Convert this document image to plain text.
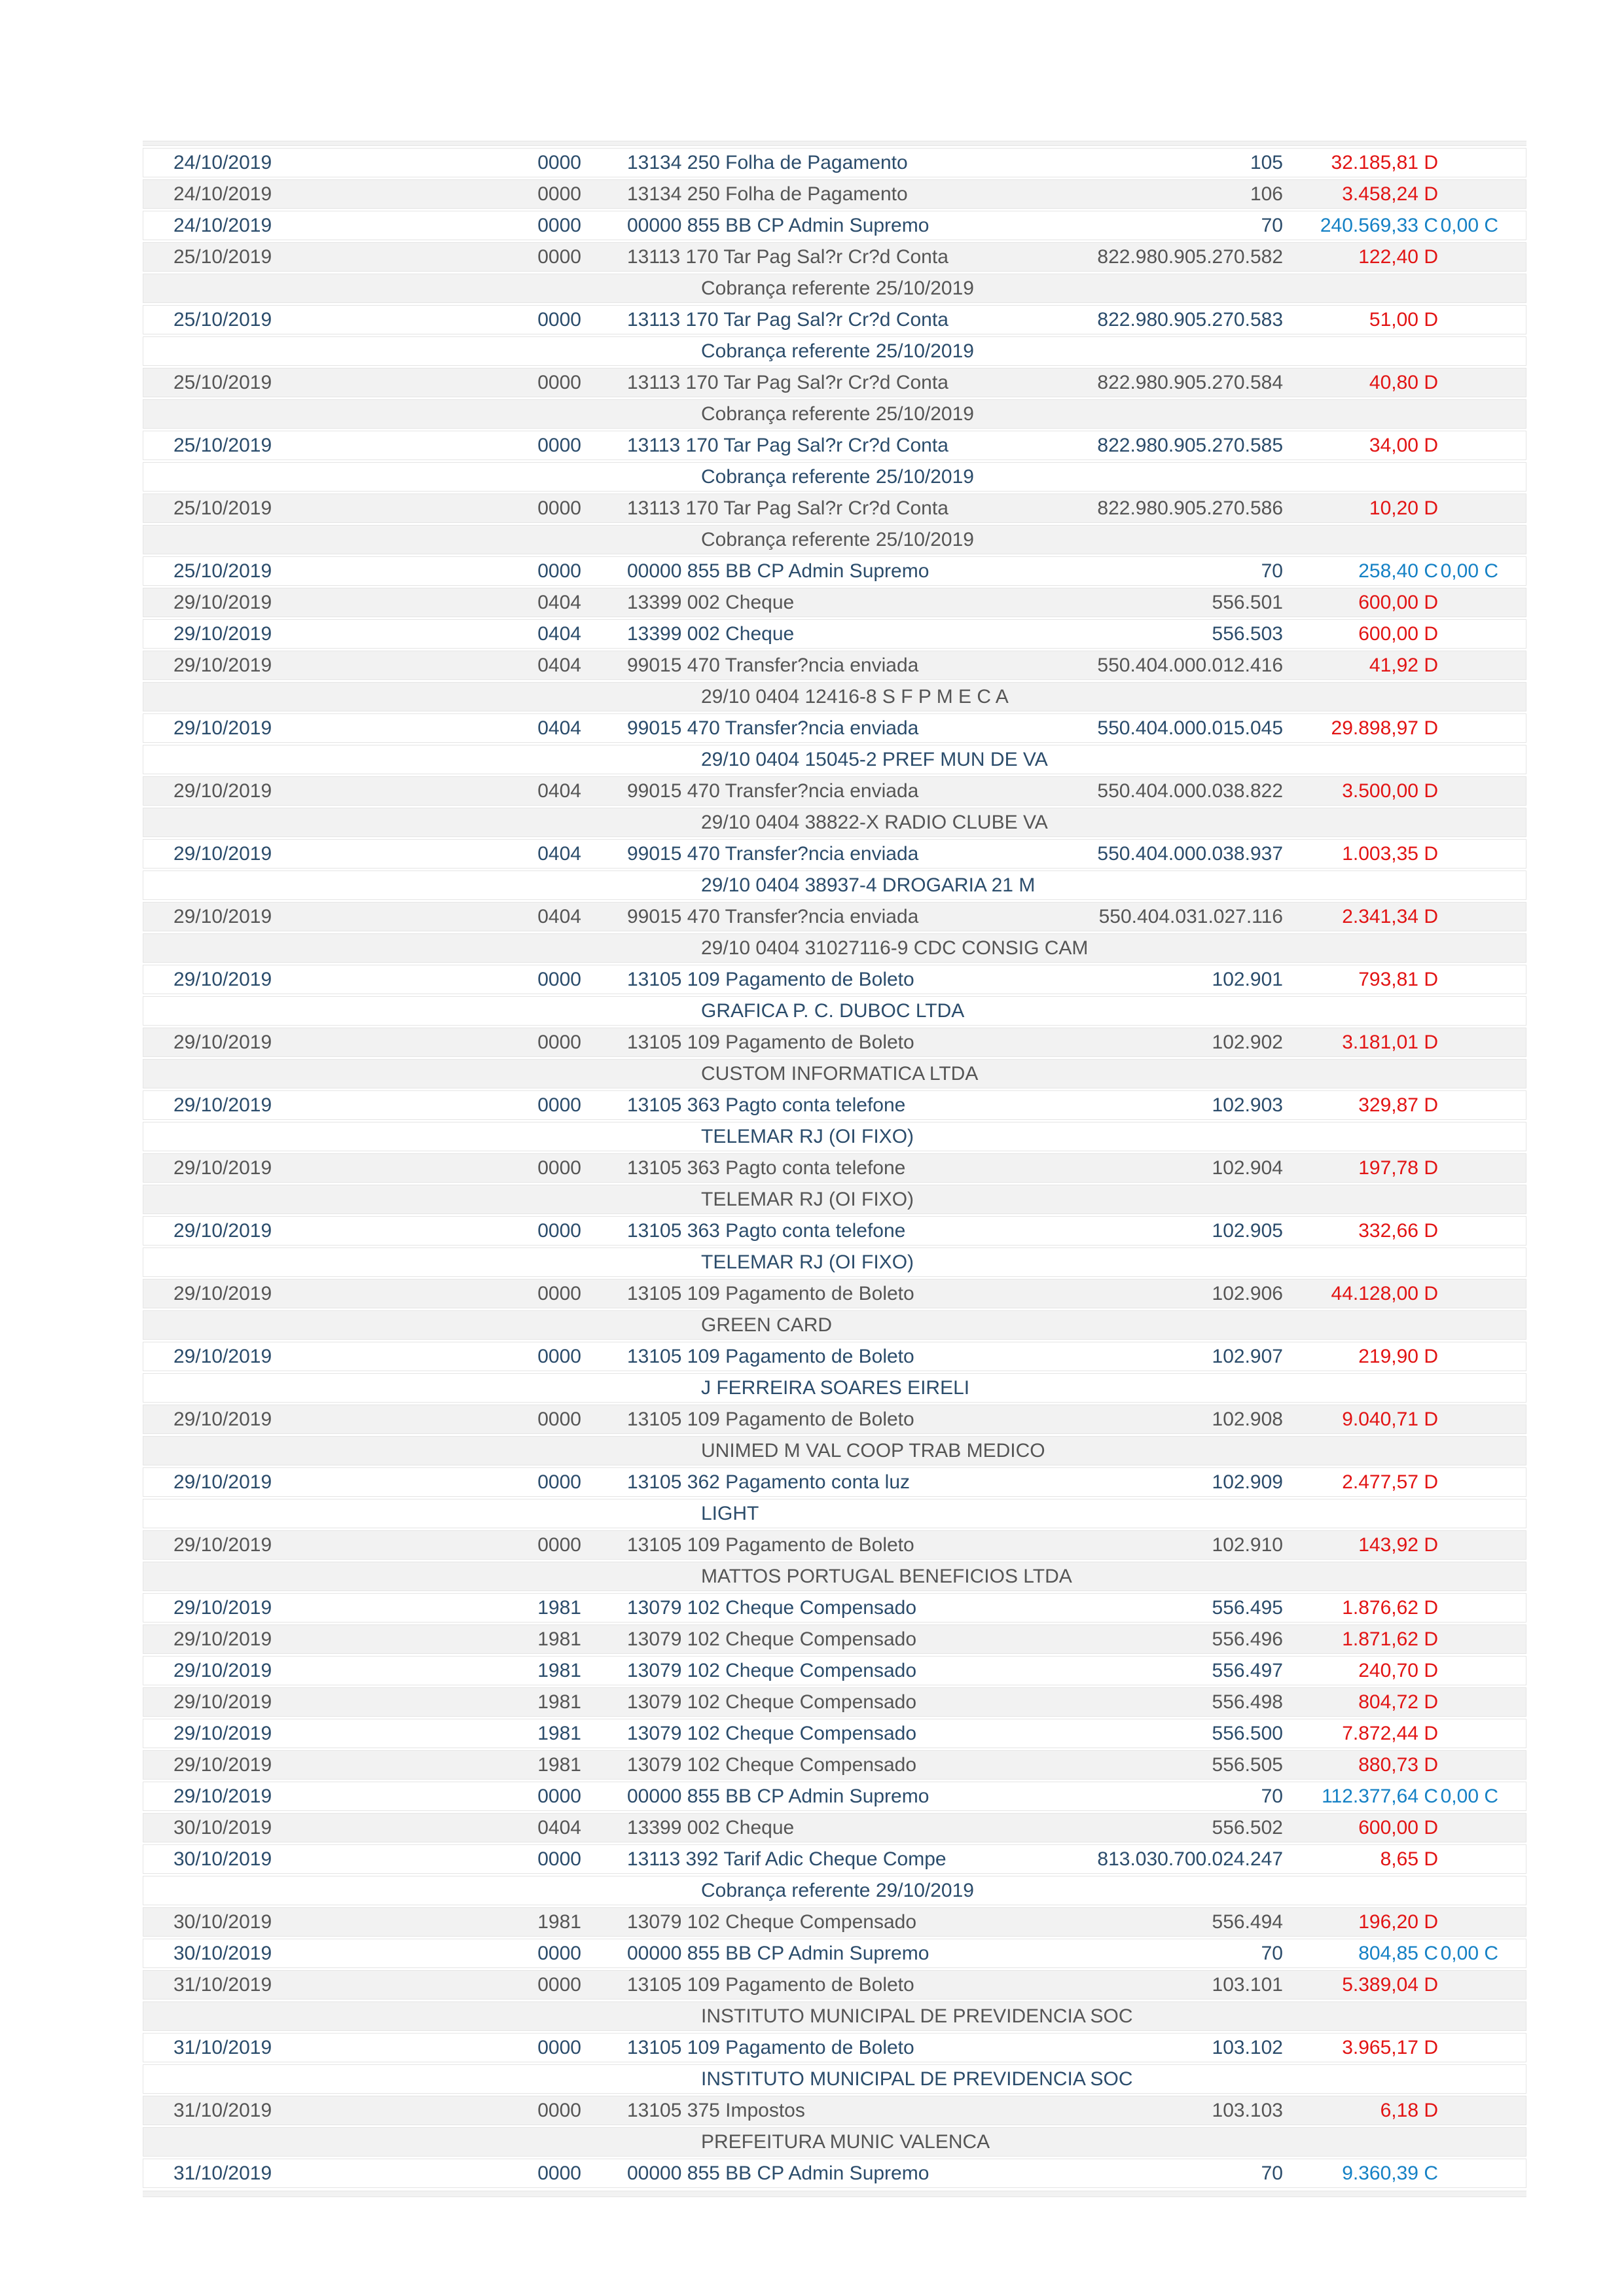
24/10/2019	0000	13134 250 Folha de Pagamento	105	32.185,81 D	
24/10/2019	0000	13134 250 Folha de Pagamento	106	3.458,24 D	
24/10/2019	0000	00000 855 BB CP Admin Supremo	70	240.569,33 C	0,00 C
25/10/2019	0000	13113 170 Tar Pag Sal?r Cr?d Conta	822.980.905.270.582	122,40 D	
Cobrança referente 25/10/2019					
25/10/2019	0000	13113 170 Tar Pag Sal?r Cr?d Conta	822.980.905.270.583	51,00 D	
Cobrança referente 25/10/2019					
25/10/2019	0000	13113 170 Tar Pag Sal?r Cr?d Conta	822.980.905.270.584	40,80 D	
Cobrança referente 25/10/2019					
25/10/2019	0000	13113 170 Tar Pag Sal?r Cr?d Conta	822.980.905.270.585	34,00 D	
Cobrança referente 25/10/2019					
25/10/2019	0000	13113 170 Tar Pag Sal?r Cr?d Conta	822.980.905.270.586	10,20 D	
Cobrança referente 25/10/2019					
25/10/2019	0000	00000 855 BB CP Admin Supremo	70	258,40 C	0,00 C
29/10/2019	0404	13399 002 Cheque	556.501	600,00 D	
29/10/2019	0404	13399 002 Cheque	556.503	600,00 D	
29/10/2019	0404	99015 470 Transfer?ncia enviada	550.404.000.012.416	41,92 D	
29/10 0404 12416-8 S F P M E C A					
29/10/2019	0404	99015 470 Transfer?ncia enviada	550.404.000.015.045	29.898,97 D	
29/10 0404 15045-2 PREF MUN DE VA					
29/10/2019	0404	99015 470 Transfer?ncia enviada	550.404.000.038.822	3.500,00 D	
29/10 0404 38822-X RADIO CLUBE VA					
29/10/2019	0404	99015 470 Transfer?ncia enviada	550.404.000.038.937	1.003,35 D	
29/10 0404 38937-4 DROGARIA 21 M					
29/10/2019	0404	99015 470 Transfer?ncia enviada	550.404.031.027.116	2.341,34 D	
29/10 0404 31027116-9 CDC CONSIG CAM					
29/10/2019	0000	13105 109 Pagamento de Boleto	102.901	793,81 D	
GRAFICA P. C. DUBOC LTDA					
29/10/2019	0000	13105 109 Pagamento de Boleto	102.902	3.181,01 D	
CUSTOM INFORMATICA LTDA					
29/10/2019	0000	13105 363 Pagto conta telefone	102.903	329,87 D	
TELEMAR RJ (OI FIXO)					
29/10/2019	0000	13105 363 Pagto conta telefone	102.904	197,78 D	
TELEMAR RJ (OI FIXO)					
29/10/2019	0000	13105 363 Pagto conta telefone	102.905	332,66 D	
TELEMAR RJ (OI FIXO)					
29/10/2019	0000	13105 109 Pagamento de Boleto	102.906	44.128,00 D	
GREEN CARD					
29/10/2019	0000	13105 109 Pagamento de Boleto	102.907	219,90 D	
J FERREIRA SOARES EIRELI					
29/10/2019	0000	13105 109 Pagamento de Boleto	102.908	9.040,71 D	
UNIMED M VAL COOP TRAB MEDICO					
29/10/2019	0000	13105 362 Pagamento conta luz	102.909	2.477,57 D	
LIGHT					
29/10/2019	0000	13105 109 Pagamento de Boleto	102.910	143,92 D	
MATTOS PORTUGAL BENEFICIOS LTDA					
29/10/2019	1981	13079 102 Cheque Compensado	556.495	1.876,62 D	
29/10/2019	1981	13079 102 Cheque Compensado	556.496	1.871,62 D	
29/10/2019	1981	13079 102 Cheque Compensado	556.497	240,70 D	
29/10/2019	1981	13079 102 Cheque Compensado	556.498	804,72 D	
29/10/2019	1981	13079 102 Cheque Compensado	556.500	7.872,44 D	
29/10/2019	1981	13079 102 Cheque Compensado	556.505	880,73 D	
29/10/2019	0000	00000 855 BB CP Admin Supremo	70	112.377,64 C	0,00 C
30/10/2019	0404	13399 002 Cheque	556.502	600,00 D	
30/10/2019	0000	13113 392 Tarif Adic Cheque Compe	813.030.700.024.247	8,65 D	
Cobrança referente 29/10/2019					
30/10/2019	1981	13079 102 Cheque Compensado	556.494	196,20 D	
30/10/2019	0000	00000 855 BB CP Admin Supremo	70	804,85 C	0,00 C
31/10/2019	0000	13105 109 Pagamento de Boleto	103.101	5.389,04 D	
INSTITUTO MUNICIPAL DE PREVIDENCIA SOC					
31/10/2019	0000	13105 109 Pagamento de Boleto	103.102	3.965,17 D	
INSTITUTO MUNICIPAL DE PREVIDENCIA SOC					
31/10/2019	0000	13105 375 Impostos	103.103	6,18 D	
PREFEITURA MUNIC VALENCA					
31/10/2019	0000	00000 855 BB CP Admin Supremo	70	9.360,39 C	
